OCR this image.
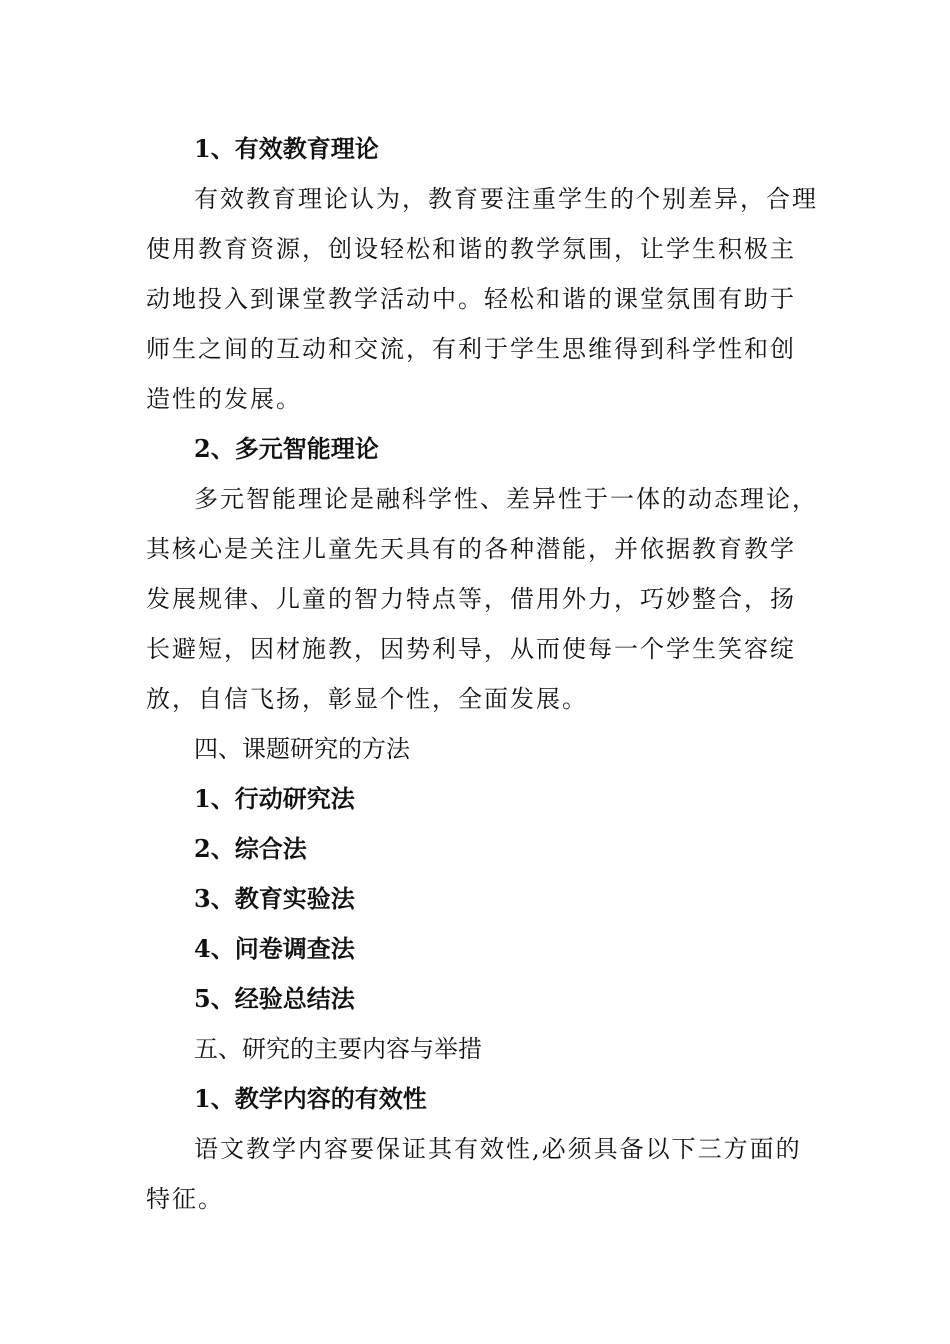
1、有效教育理论
有效教育理论认为，教育要注重学生的个别差异，合理
使用教育资源，创设轻松和谐的教学氛围，让学生积极主
动地投入到课堂教学活动中。轻松和谐的课堂氛围有助于
师生之间的互动和交流，有利于学生思维得到科学性和创
造性的发展。
2、多元智能理论
多元智能理论是融科学性、差异性于一体的动态理论，
其核心是关注儿童先天具有的各种潜能，并依据教育教学
发展规律、儿童的智力特点等，借用外力，巧妙整合，扬
长避短，因材施教，因势利导，从而使每一个学生笑容绽
放，自信飞扬，彰显个性，全面发展。
四、课题研究的方法
1、行动研究法
2、综合法
3、教育实验法
4、问卷调查法
5、经验总结法
五、研究的主要内容与举措
1、教学内容的有效性
语文教学内容要保证其有效性,必须具备以下三方面的
特征。
